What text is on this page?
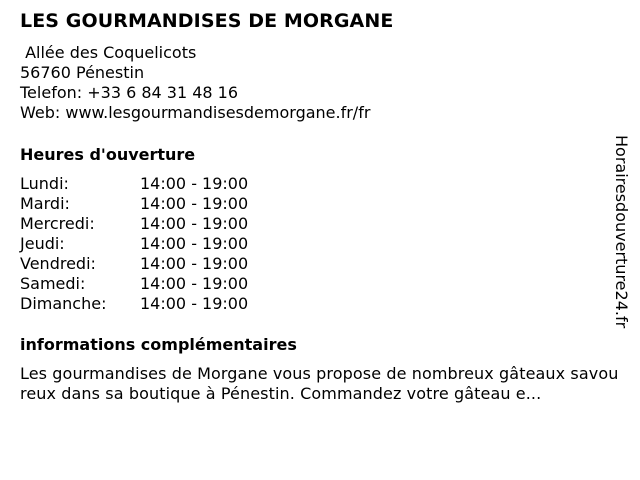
LES GOURMANDISES DE MORGANE
Allée des Coquelicots
56760 Pénestin
Telefon: +33 6 84 31 48 16
Web: www.lesgourmandisesdemorgane.fr/fr
Heures d'ouverture
Lundi:	14:00 - 19:00
Mardi:	14:00 - 19:00
Mercredi:	14:00 - 19:00
Jeudi:	14:00 - 19:00
Vendredi:	14:00 - 19:00
Samedi:	14:00 - 19:00
Dimanche: 14:00 - 19:00
informations complémentaires
Les gourmandises de Morgane vous propose de nombreux gâteaux savoureux dans sa boutique à Pénestin. Commandez votre gâteau e...
Horairesdouverture24.fr
